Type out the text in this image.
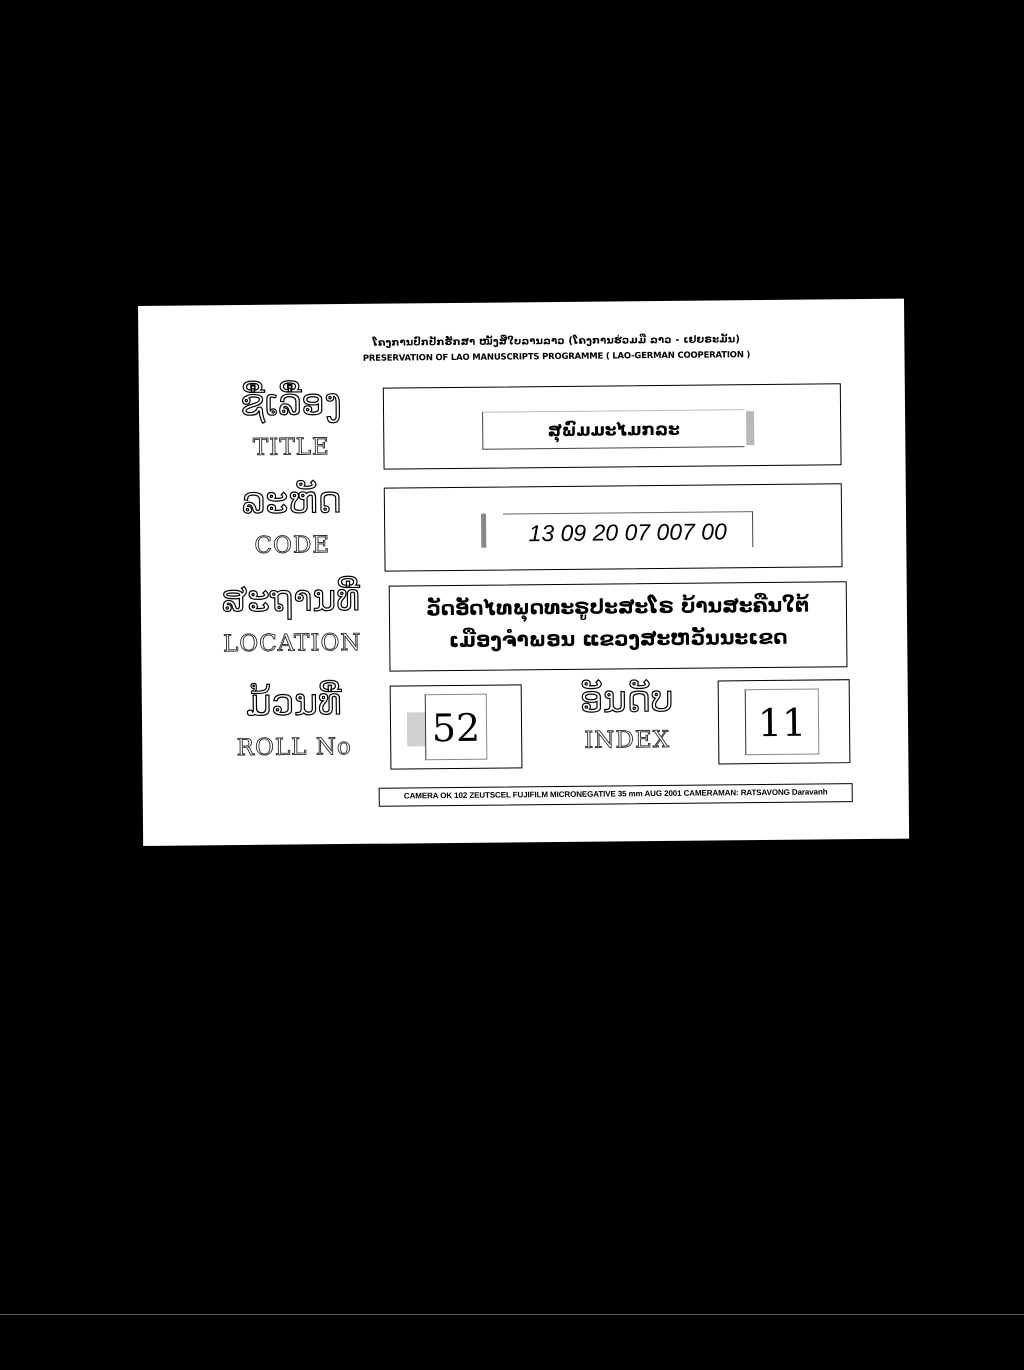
ໂຄງການປົກປັກຮັກສາ ໜັງສືໃບລານລາວ (ໂຄງການຮ່ວມມື ລາວ - ເຢຍຣະມັນ)
PRESERVATION OF LAO MANUSCRIPTS PROGRAMME ( LAO-GERMAN COOPERATION )
ຊື່ເລື່ອງ
TITLE
ສຸພົມມະໄມກລະ
ລະຫັດ
CODE	13 09 20 07 007 00
ສະຖານທີ່
LOCATION
ວັດອັດໄທພຸດທະຣູປະສະໂຣ ບ້ານສະຄືນໃຕ້
ເມືອງຈຳພອນ ແຂວງສະຫວັນນະເຂດ
ມ້ວນທີ່
ROLL No	52
ອັນດັບ
INDEX	11
CAMERA OK 102 ZEUTSCEL FUJIFILM MICRONEGATIVE 35 mm AUG 2001 CAMERAMAN: RATSAVONG Daravanh
